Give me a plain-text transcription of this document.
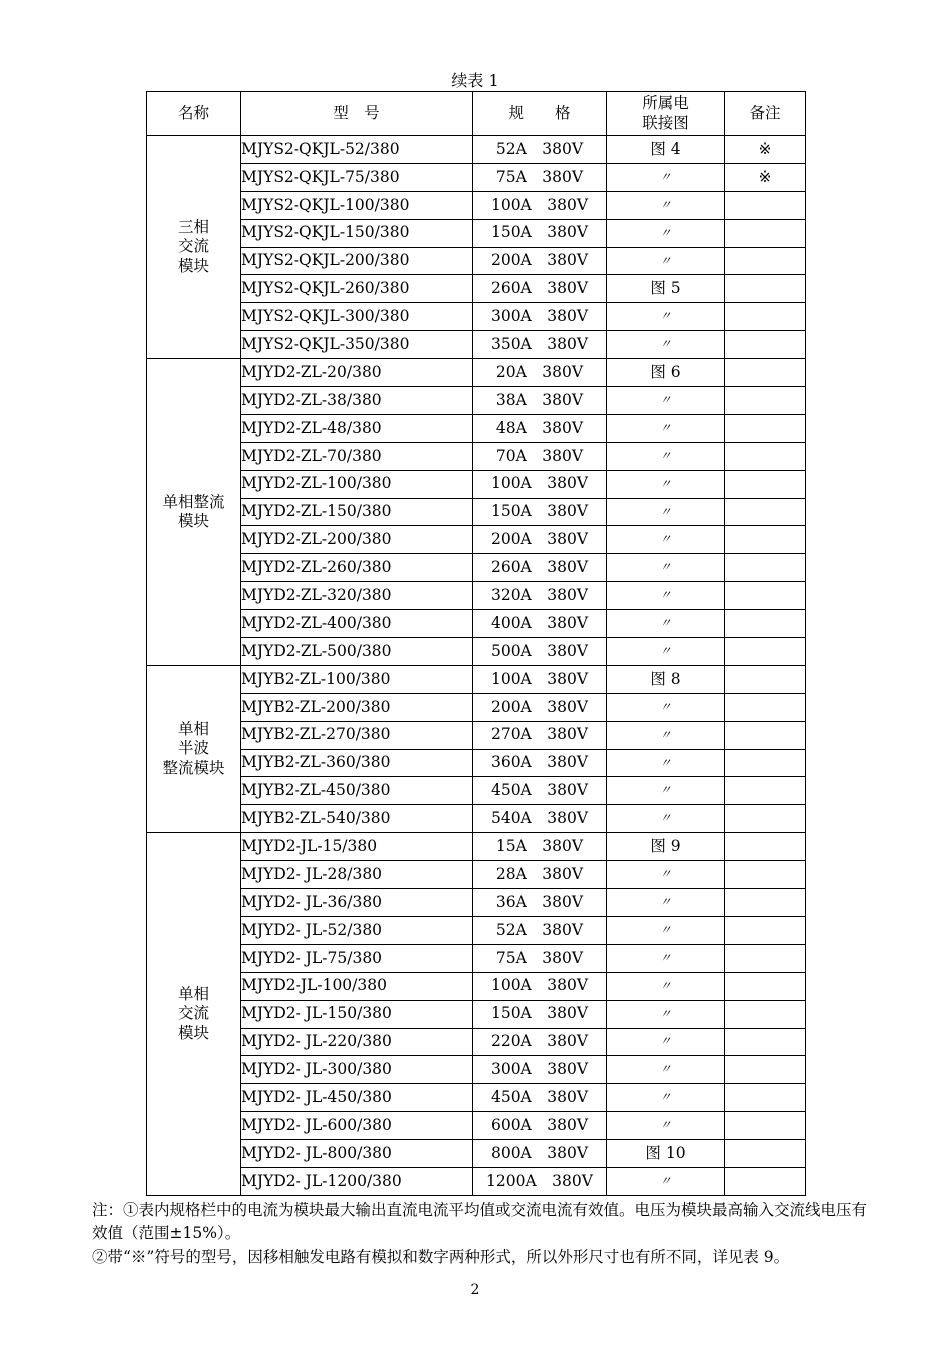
续表 1
名称	型　号	规　　格	所属电
联接图	备注
三相
交流
模块	MJYS2-QKJL-52/380	52A　380V	图 4	※
	MJYS2-QKJL-75/380	75A　380V	〃	※
	MJYS2-QKJL-100/380	100A　380V	〃	
	MJYS2-QKJL-150/380	150A　380V	〃	
	MJYS2-QKJL-200/380	200A　380V	〃	
	MJYS2-QKJL-260/380	260A　380V	图 5	
	MJYS2-QKJL-300/380	300A　380V	〃	
	MJYS2-QKJL-350/380	350A　380V	〃	
单相整流
模块	MJYD2-ZL-20/380	20A　380V	图 6	
	MJYD2-ZL-38/380	38A　380V	〃	
	MJYD2-ZL-48/380	48A　380V	〃	
	MJYD2-ZL-70/380	70A　380V	〃	
	MJYD2-ZL-100/380	100A　380V	〃	
	MJYD2-ZL-150/380	150A　380V	〃	
	MJYD2-ZL-200/380	200A　380V	〃	
	MJYD2-ZL-260/380	260A　380V	〃	
	MJYD2-ZL-320/380	320A　380V	〃	
	MJYD2-ZL-400/380	400A　380V	〃	
	MJYD2-ZL-500/380	500A　380V	〃	
单相
半波
整流模块	MJYB2-ZL-100/380	100A　380V	图 8	
	MJYB2-ZL-200/380	200A　380V	〃	
	MJYB2-ZL-270/380	270A　380V	〃	
	MJYB2-ZL-360/380	360A　380V	〃	
	MJYB2-ZL-450/380	450A　380V	〃	
	MJYB2-ZL-540/380	540A　380V	〃	
单相
交流
模块	MJYD2-JL-15/380	15A　380V	图 9	
	MJYD2- JL-28/380	28A　380V	〃	
	MJYD2- JL-36/380	36A　380V	〃	
	MJYD2- JL-52/380	52A　380V	〃	
	MJYD2- JL-75/380	75A　380V	〃	
	MJYD2-JL-100/380	100A　380V	〃	
	MJYD2- JL-150/380	150A　380V	〃	
	MJYD2- JL-220/380	220A　380V	〃	
	MJYD2- JL-300/380	300A　380V	〃	
	MJYD2- JL-450/380	450A　380V	〃	
	MJYD2- JL-600/380	600A　380V	〃	
	MJYD2- JL-800/380	800A　380V	图 10	
	MJYD2- JL-1200/380	1200A　380V	〃	

注：①表内规格栏中的电流为模块最大输出直流电流平均值或交流电流有效值。电压为模块最高输入交流线电压有效值（范围±15%）。

②带“※”符号的型号，因移相触发电路有模拟和数字两种形式，所以外形尺寸也有所不同，详见表 9。

2
